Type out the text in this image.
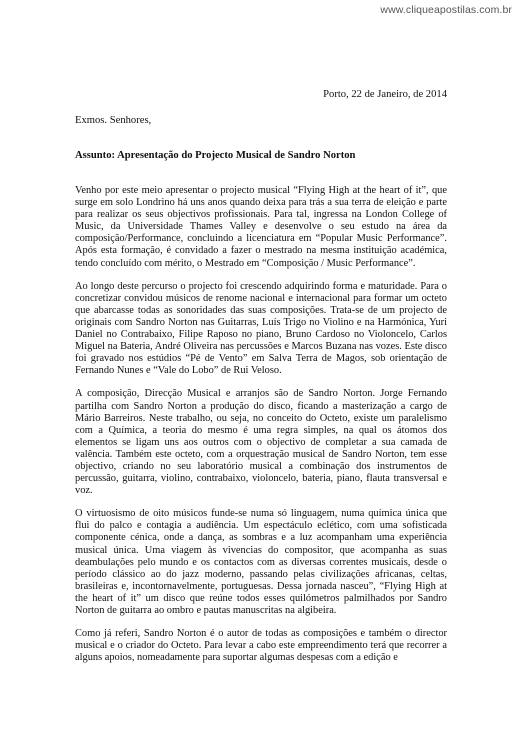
www.cliqueapostilas.com.br
Porto, 22 de Janeiro, de 2014
Exmos. Senhores,
Assunto: Apresentação do Projecto Musical de Sandro Norton

Venho por este meio apresentar o projecto musical “Flying High at the heart of it”, que surge em solo Londrino há uns anos quando deixa para trás a sua terra de eleição e parte para realizar os seus objectivos profissionais. Para tal, ingressa na London College of Music, da Universidade Thames Valley e desenvolve o seu estudo na área da composição/Performance, concluindo a licenciatura em “Popular Music Performance”. Após esta formação, é convidado a fazer o mestrado na mesma instituição académica, tendo concluído com mérito, o Mestrado em “Composição / Music Performance”.

Ao longo deste percurso o projecto foi crescendo adquirindo forma e maturidade. Para o concretizar convidou músicos de renome nacional e internacional para formar um octeto que abarcasse todas as sonoridades das suas composições. Trata-se de um projecto de originais com Sandro Norton nas Guitarras, Luís Trigo no Violino e na Harmónica, Yuri Daniel no Contrabaixo, Filipe Raposo no piano, Bruno Cardoso no Violoncelo, Carlos Miguel na Bateria, André Oliveira nas percussões e Marcos Buzana nas vozes. Este disco foi gravado nos estúdios “Pé de Vento” em Salva Terra de Magos, sob orientação de Fernando Nunes e “Vale do Lobo” de Rui Veloso.

A composição, Direcção Musical e arranjos são de Sandro Norton. Jorge Fernando partilha com Sandro Norton a produção do disco, ficando a masterização a cargo de Mário Barreiros. Neste trabalho, ou seja, no conceito do Octeto, existe um paralelismo com a Química, a teoria do mesmo é uma regra simples, na qual os átomos dos elementos se ligam uns aos outros com o objectivo de completar a sua camada de valência. Também este octeto, com a orquestração musical de Sandro Norton, tem esse objectivo, criando no seu laboratório musical a combinação dos instrumentos de percussão, guitarra, violino, contrabaixo, violoncelo, bateria, piano, flauta transversal e voz.

O virtuosismo de oito músicos funde-se numa só linguagem, numa química única que flui do palco e contagia a audiência. Um espectáculo eclético, com uma sofisticada componente cénica, onde a dança, as sombras e a luz acompanham uma experiência musical única. Uma viagem às vivencias do compositor, que acompanha as suas deambulações pelo mundo e os contactos com as diversas correntes musicais, desde o período clássico ao do jazz moderno, passando pelas civilizações africanas, celtas, brasileiras e, incontornavelmente, portuguesas. Dessa jornada nasceu”, “Flying High at the heart of it” um disco que reúne todos esses quilómetros palmilhados por Sandro Norton de guitarra ao ombro e pautas manuscritas na algibeira.

Como já referi, Sandro Norton é o autor de todas as composições e também o director musical e o criador do Octeto. Para levar a cabo este empreendimento terá que recorrer a alguns apoios, nomeadamente para suportar algumas despesas com a edição e
